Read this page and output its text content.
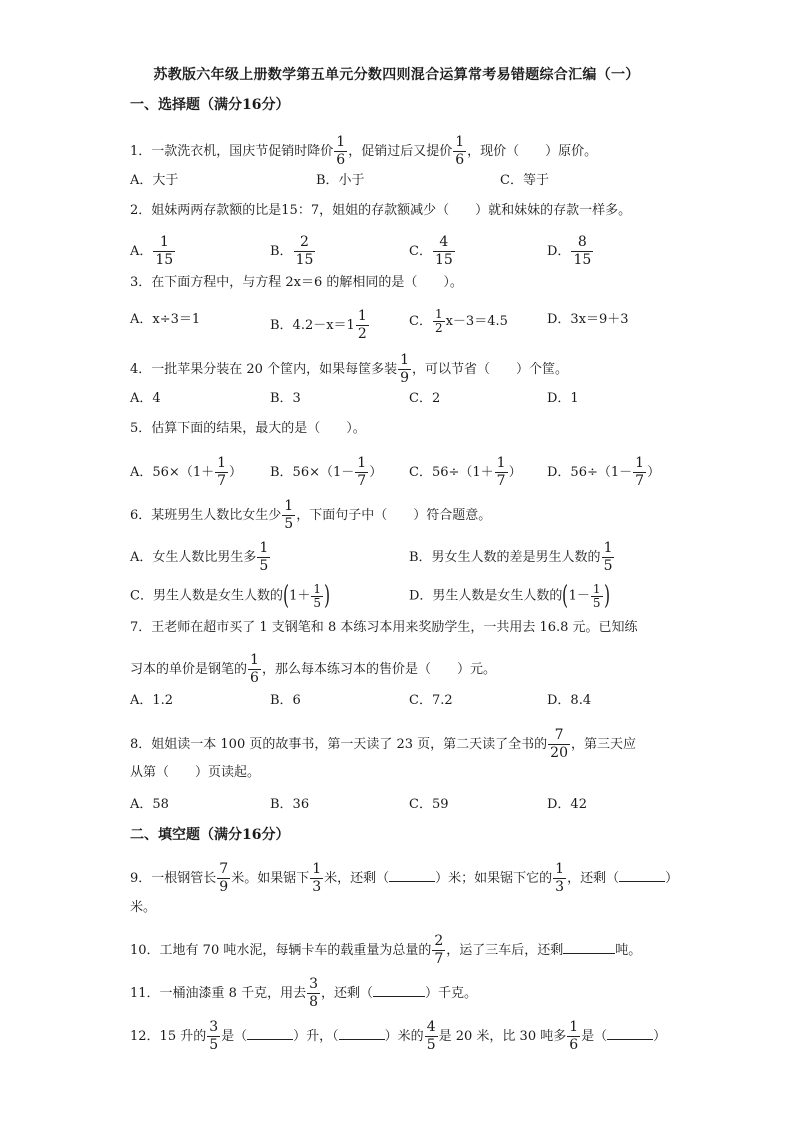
苏教版六年级上册数学第五单元分数四则混合运算常考易错题综合汇编（一）
一、选择题（满分16分）
1．一款洗衣机，国庆节促销时降价 $\frac{1}{6}$ ，促销过后又提价 $\frac{1}{6}$ ，现价（　　）原价。
A．大于	B．小于	C．等于
2．姐妹两两存款额的比是15：7，姐姐的存款额减少（　　）就和妹妹的存款一样多。
A． $\frac{1}{15}$	B． $\frac{2}{15}$	C． $\frac{4}{15}$	D． $\frac{8}{15}$
3．在下面方程中，与方程 2x＝6 的解相同的是（　　）。
A．x÷3＝1	B．$4.2-x=1 \frac{1}{2}$	C． $\frac{1}{2} x-3=4.5$	D．3x＝9＋3
4．一批苹果分装在 20 个筐内，如果每筐多装 $\frac{1}{9}$ ，可以节省（　　）个筐。
A．4	B．3	C．2	D．1
5．估算下面的结果，最大的是（　　）。
A．$56\times(1+ \frac{1}{7}$ ） B．$56\times(1- \frac{1}{7}$ ） C．$56\div(1+ \frac{1}{7}$ ） D．$56\div(1- \frac{1}{7}$ ）
6．某班男生人数比女生少 $\frac{1}{5}$ ，下面句子中（　　）符合题意。
A．女生人数比男生多 $\frac{1}{5}$	B．男女生人数的差是男生人数的 $\frac{1}{5}$
C．男生人数是女生人数的($1+ \frac{1}{5}$ )	D．男生人数是女生人数的($1- \frac{1}{5}$ )
7．王老师在超市买了 1 支钢笔和 8 本练习本用来奖励学生，一共用去 16.8 元。已知练
习本的单价是钢笔的 $\frac{1}{6}$ ，那么每本练习本的售价是（　　）元。
A．1.2	B．6	C．7.2	D．8.4
8．姐姐读一本 100 页的故事书，第一天读了 23 页，第二天读了全书的 $\frac{7}{20}$ ，第三天应
从第（　　）页读起。
A．58	B．36	C．59	D．42
二、填空题（满分16分）
9．一根钢管长 $\frac{7}{9}$ 米。如果锯下 $\frac{1}{3}$ 米，还剩（	）米；如果锯下它的 $\frac{1}{3}$ ，还剩（	）
米。
10．工地有 70 吨水泥，每辆卡车的载重量为总量的 $\frac{2}{7}$ ，运了三车后，还剩	吨。
11．一桶油漆重 8 千克，用去 $\frac{3}{8}$ ，还剩（	）千克。
12．15 升的 $\frac{3}{5}$ 是（	）升，（	）米的 $\frac{4}{5}$ 是 20 米，比 30 吨多 $\frac{1}{6}$ 是（	）
